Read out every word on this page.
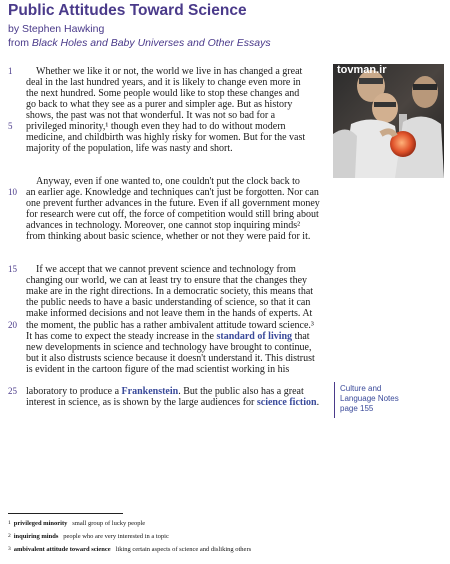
Public Attitudes Toward Science
by Stephen Hawking
from Black Holes and Baby Universes and Other Essays
tovman.ir
1
5
10
15
20
25
Whether we like it or not, the world we live in has changed a great
deal in the last hundred years, and it is likely to change even more in
the next hundred. Some people would like to stop these changes and
go back to what they see as a purer and simpler age. But as history
shows, the past was not that wonderful. It was not so bad for a
privileged minority,¹ though even they had to do without modern
medicine, and childbirth was highly risky for women. But for the vast
majority of the population, life was nasty and short.
Anyway, even if one wanted to, one couldn't put the clock back to
an earlier age. Knowledge and techniques can't just be forgotten. Nor can
one prevent further advances in the future. Even if all government money
for research were cut off, the force of competition would still bring about
advances in technology. Moreover, one cannot stop inquiring minds²
from thinking about basic science, whether or not they were paid for it.
If we accept that we cannot prevent science and technology from
changing our world, we can at least try to ensure that the changes they
make are in the right directions. In a democratic society, this means that
the public needs to have a basic understanding of science, so that it can
make informed decisions and not leave them in the hands of experts. At
the moment, the public has a rather ambivalent attitude toward science.³
It has come to expect the steady increase in the standard of living that
new developments in science and technology have brought to continue,
but it also distrusts science because it doesn't understand it. This distrust
is evident in the cartoon figure of the mad scientist working in his
laboratory to produce a Frankenstein. But the public also has a great
interest in science, as is shown by the large audiences for science fiction.
Culture and
Language Notes
page 155
$^1$ privileged minority small group of lucky people
$^2$ inquiring minds people who are very interested in a topic
$^3$ ambivalent attitude toward science liking certain aspects of science and disliking others
